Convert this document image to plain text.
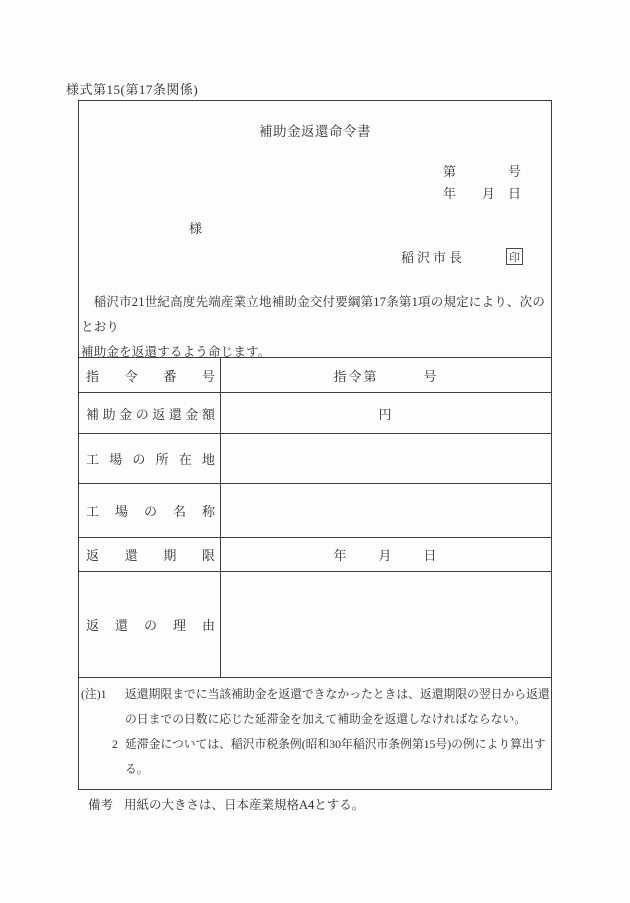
様式第15(第17条関係)
補助金返還命令書
第　　　　号
年　　月　日
様
稲沢市長	印
　稲沢市21世紀高度先端産業立地補助金交付要綱第17条第1項の規定により、次のとおり
補助金を返還するよう命じます。
指 令 番 号	指令第　　　号
補 助 金 の 返 還 金 額	円
工 場 の 所 在 地
工 場 の 名 称
返 還 期 限	年　　月　　日
返 還 の 理 由
(注)1
2
返還期限までに当該補助金を返還できなかったときは、返還期限の翌日から返還
の日までの日数に応じた延滞金を加えて補助金を返還しなければならない。
延滞金については、稲沢市税条例(昭和30年稲沢市条例第15号)の例により算出す
る。
備考 用紙の大きさは、日本産業規格A4とする。
